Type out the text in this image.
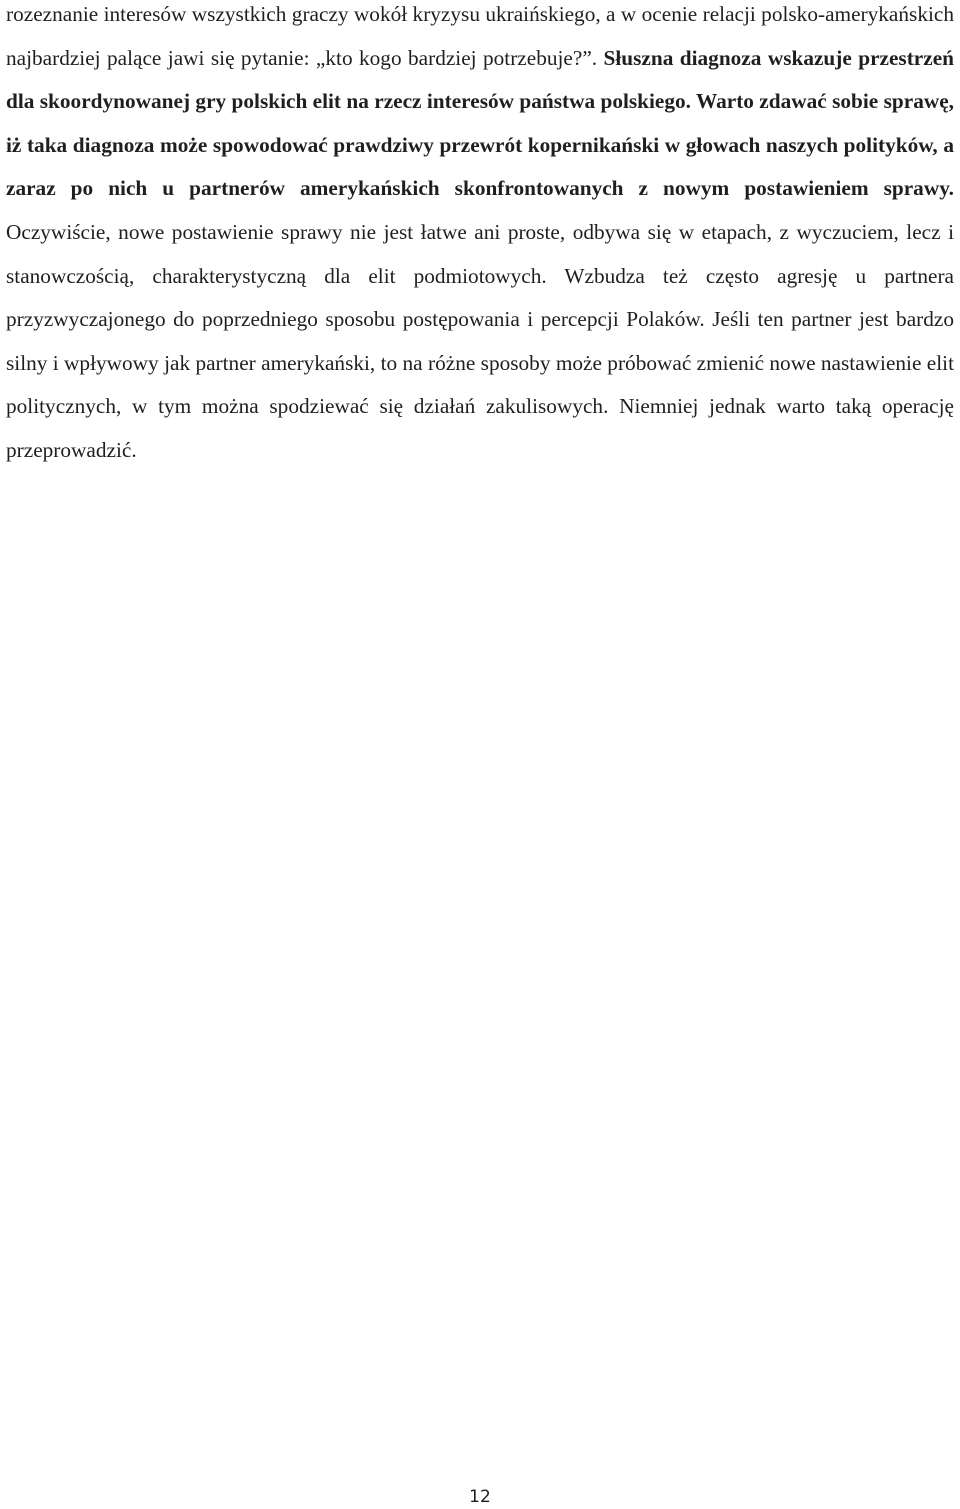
rozeznanie interesów wszystkich graczy wokół kryzysu ukraińskiego, a w ocenie relacji polsko-amerykańskich najbardziej palące jawi się pytanie: „kto kogo bardziej potrzebuje?”. Słuszna diagnoza wskazuje przestrzeń dla skoordynowanej gry polskich elit na rzecz interesów państwa polskiego. Warto zdawać sobie sprawę, iż taka diagnoza może spowodować prawdziwy przewrót kopernikański w głowach naszych polityków, a zaraz po nich u partnerów amerykańskich skonfrontowanych z nowym postawieniem sprawy. Oczywiście, nowe postawienie sprawy nie jest łatwe ani proste, odbywa się w etapach, z wyczuciem, lecz i stanowczością, charakterystyczną dla elit podmiotowych. Wzbudza też często agresję u partnera przyzwyczajonego do poprzedniego sposobu postępowania i percepcji Polaków. Jeśli ten partner jest bardzo silny i wpływowy jak partner amerykański, to na różne sposoby może próbować zmienić nowe nastawienie elit politycznych, w tym można spodziewać się działań zakulisowych. Niemniej jednak warto taką operację przeprowadzić.

12
